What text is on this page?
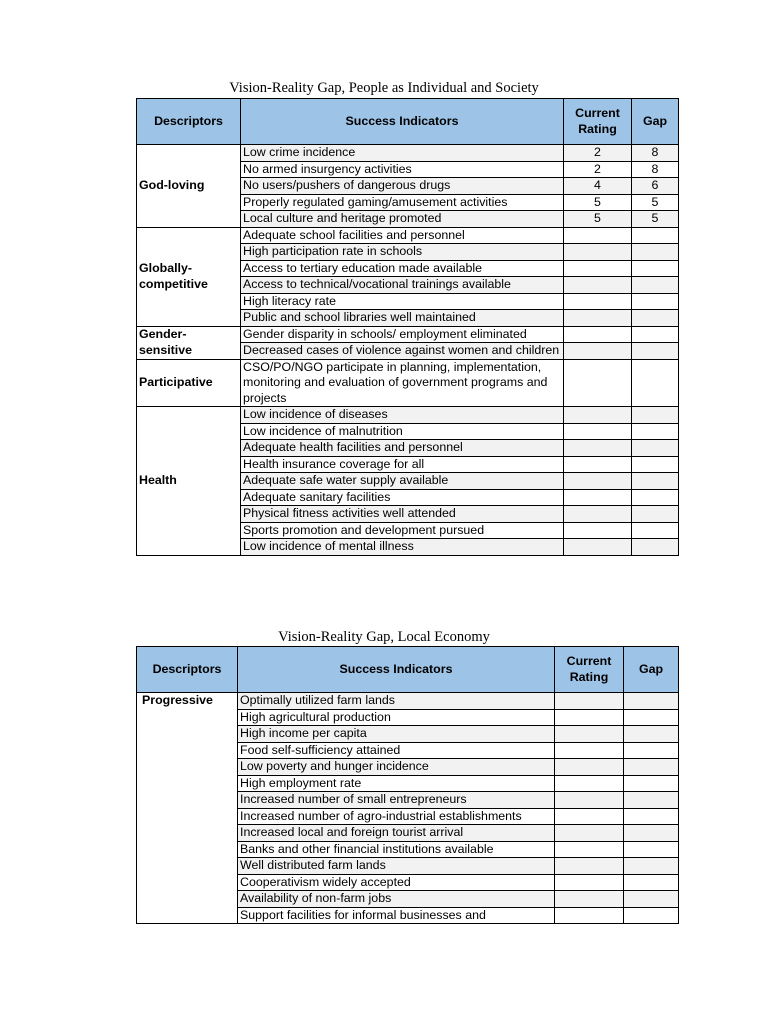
Vision-Reality Gap, People as Individual and Society
Descriptors	Success Indicators	Current Rating	Gap
God-loving	Low crime incidence	2	8
	No armed insurgency activities	2	8
	No users/pushers of dangerous drugs	4	6
	Properly regulated gaming/amusement activities	5	5
	Local culture and heritage promoted	5	5
Globally-competitive	Adequate school facilities and personnel		
	High participation rate in schools		
	Access to tertiary education made available		
	Access to technical/vocational trainings available		
	High literacy rate		
	Public and school libraries well maintained		
Gender-sensitive	Gender disparity in schools/ employment eliminated		
	Decreased cases of violence against women and children		
Participative	CSO/PO/NGO participate in planning, implementation, monitoring and evaluation of government programs and projects		
Health	Low incidence of diseases		
	Low incidence of malnutrition		
	Adequate health facilities and personnel		
	Health insurance coverage for all		
	Adequate safe water supply available		
	Adequate sanitary facilities		
	Physical fitness activities well attended		
	Sports promotion and development pursued		
	Low incidence of mental illness		
Vision-Reality Gap, Local Economy
Descriptors	Success Indicators	Current Rating	Gap
Progressive	Optimally utilized farm lands		
	High agricultural production		
	High income per capita		
	Food self-sufficiency attained		
	Low poverty and hunger incidence		
	High employment rate		
	Increased number of small entrepreneurs		
	Increased number of agro-industrial establishments		
	Increased local and foreign tourist arrival		
	Banks and other financial institutions available		
	Well distributed farm lands		
	Cooperativism widely accepted		
	Availability of non-farm jobs		
	Support facilities for informal businesses and		
